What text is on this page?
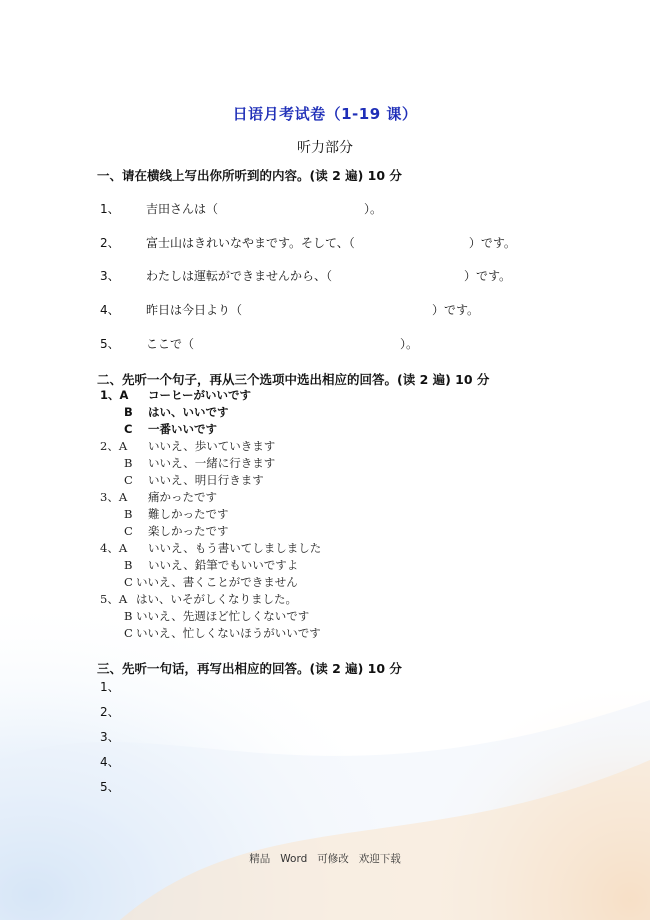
日语月考试卷（1-19 课）
听力部分
一、请在横线上写出你所听到的内容。(读 2 遍) 10 分
1、 吉田さんは（	）。
2、 富士山はきれいなやまです。そして、（	）です。
3、 わたしは運転ができませんから、（	）です。
4、 昨日は今日より（	）です。
5、 ここで（	）。
二、先听一个句子，再从三个选项中选出相应的回答。(读 2 遍) 10 分
1、A コーヒーがいいです
B はい、いいです
C 一番いいです
2、A いいえ、歩いていきます
B いいえ、一緒に行きます
C いいえ、明日行きます
3、A 痛かったです
B 難しかったです
C 楽しかったです
4、A いいえ、もう書いてしましました
B いいえ、鉛筆でもいいですよ
C いいえ、書くことができません
5、A はい、いそがしくなりました。
B いいえ、先週ほど忙しくないです
C いいえ、忙しくないほうがいいです
三、先听一句话，再写出相应的回答。(读 2 遍) 10 分
1、
2、
3、
4、
5、
精品 Word 可修改 欢迎下载
